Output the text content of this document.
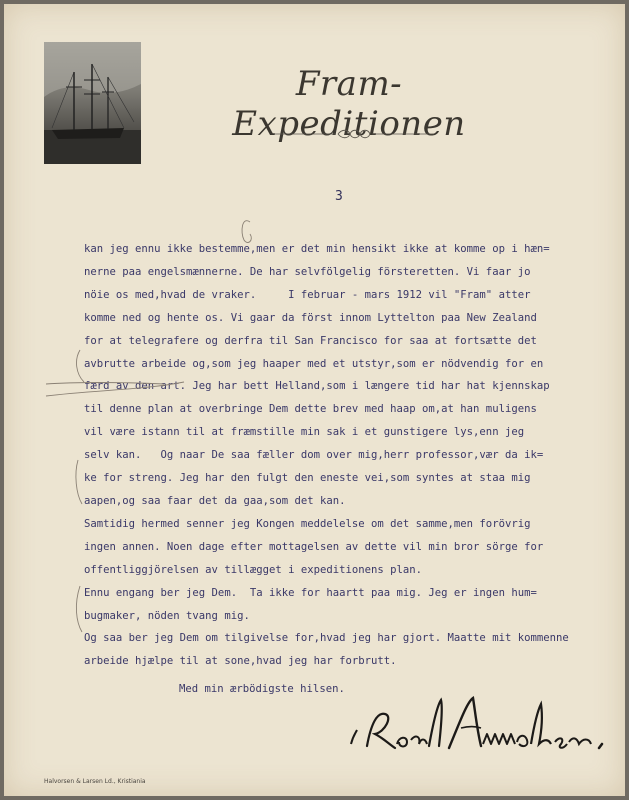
Fram-Expeditionen
3
kan jeg ennu ikke bestemme,men er det min hensikt ikke at komme op i hæn=
nerne paa engelsmænnerne. De har selvfölgelig försteretten. Vi faar jo
nöie os med,hvad de vraker.     I februar - mars 1912 vil "Fram" atter
komme ned og hente os. Vi gaar da först innom Lyttelton paa New Zealand
for at telegrafere og derfra til San Francisco for saa at fortsætte det
avbrutte arbeide og,som jeg haaper med et utstyr,som er nödvendig for en
færd av den art. Jeg har bett Helland,som i længere tid har hat kjennskap
til denne plan at overbringe Dem dette brev med haap om,at han muligens
vil være istann til at fræmstille min sak i et gunstigere lys,enn jeg
selv kan.   Og naar De saa fæller dom over mig,herr professor,vær da ik=
ke for streng. Jeg har den fulgt den eneste vei,som syntes at staa mig
aapen,og saa faar det da gaa,som det kan.
Samtidig hermed senner jeg Kongen meddelelse om det samme,men forövrig
ingen annen. Noen dage efter mottagelsen av dette vil min bror sörge for
offentliggjörelsen av tillægget i expeditionens plan.
Ennu engang ber jeg Dem.  Ta ikke for haartt paa mig. Jeg er ingen hum=
bugmaker, nöden tvang mig.
Og saa ber jeg Dem om tilgivelse for,hvad jeg har gjort. Maatte mit kommenne
arbeide hjælpe til at sone,hvad jeg har forbrutt.
Med min ærbödigste hilsen.
Halvorsen & Larsen Ld., Kristiania
